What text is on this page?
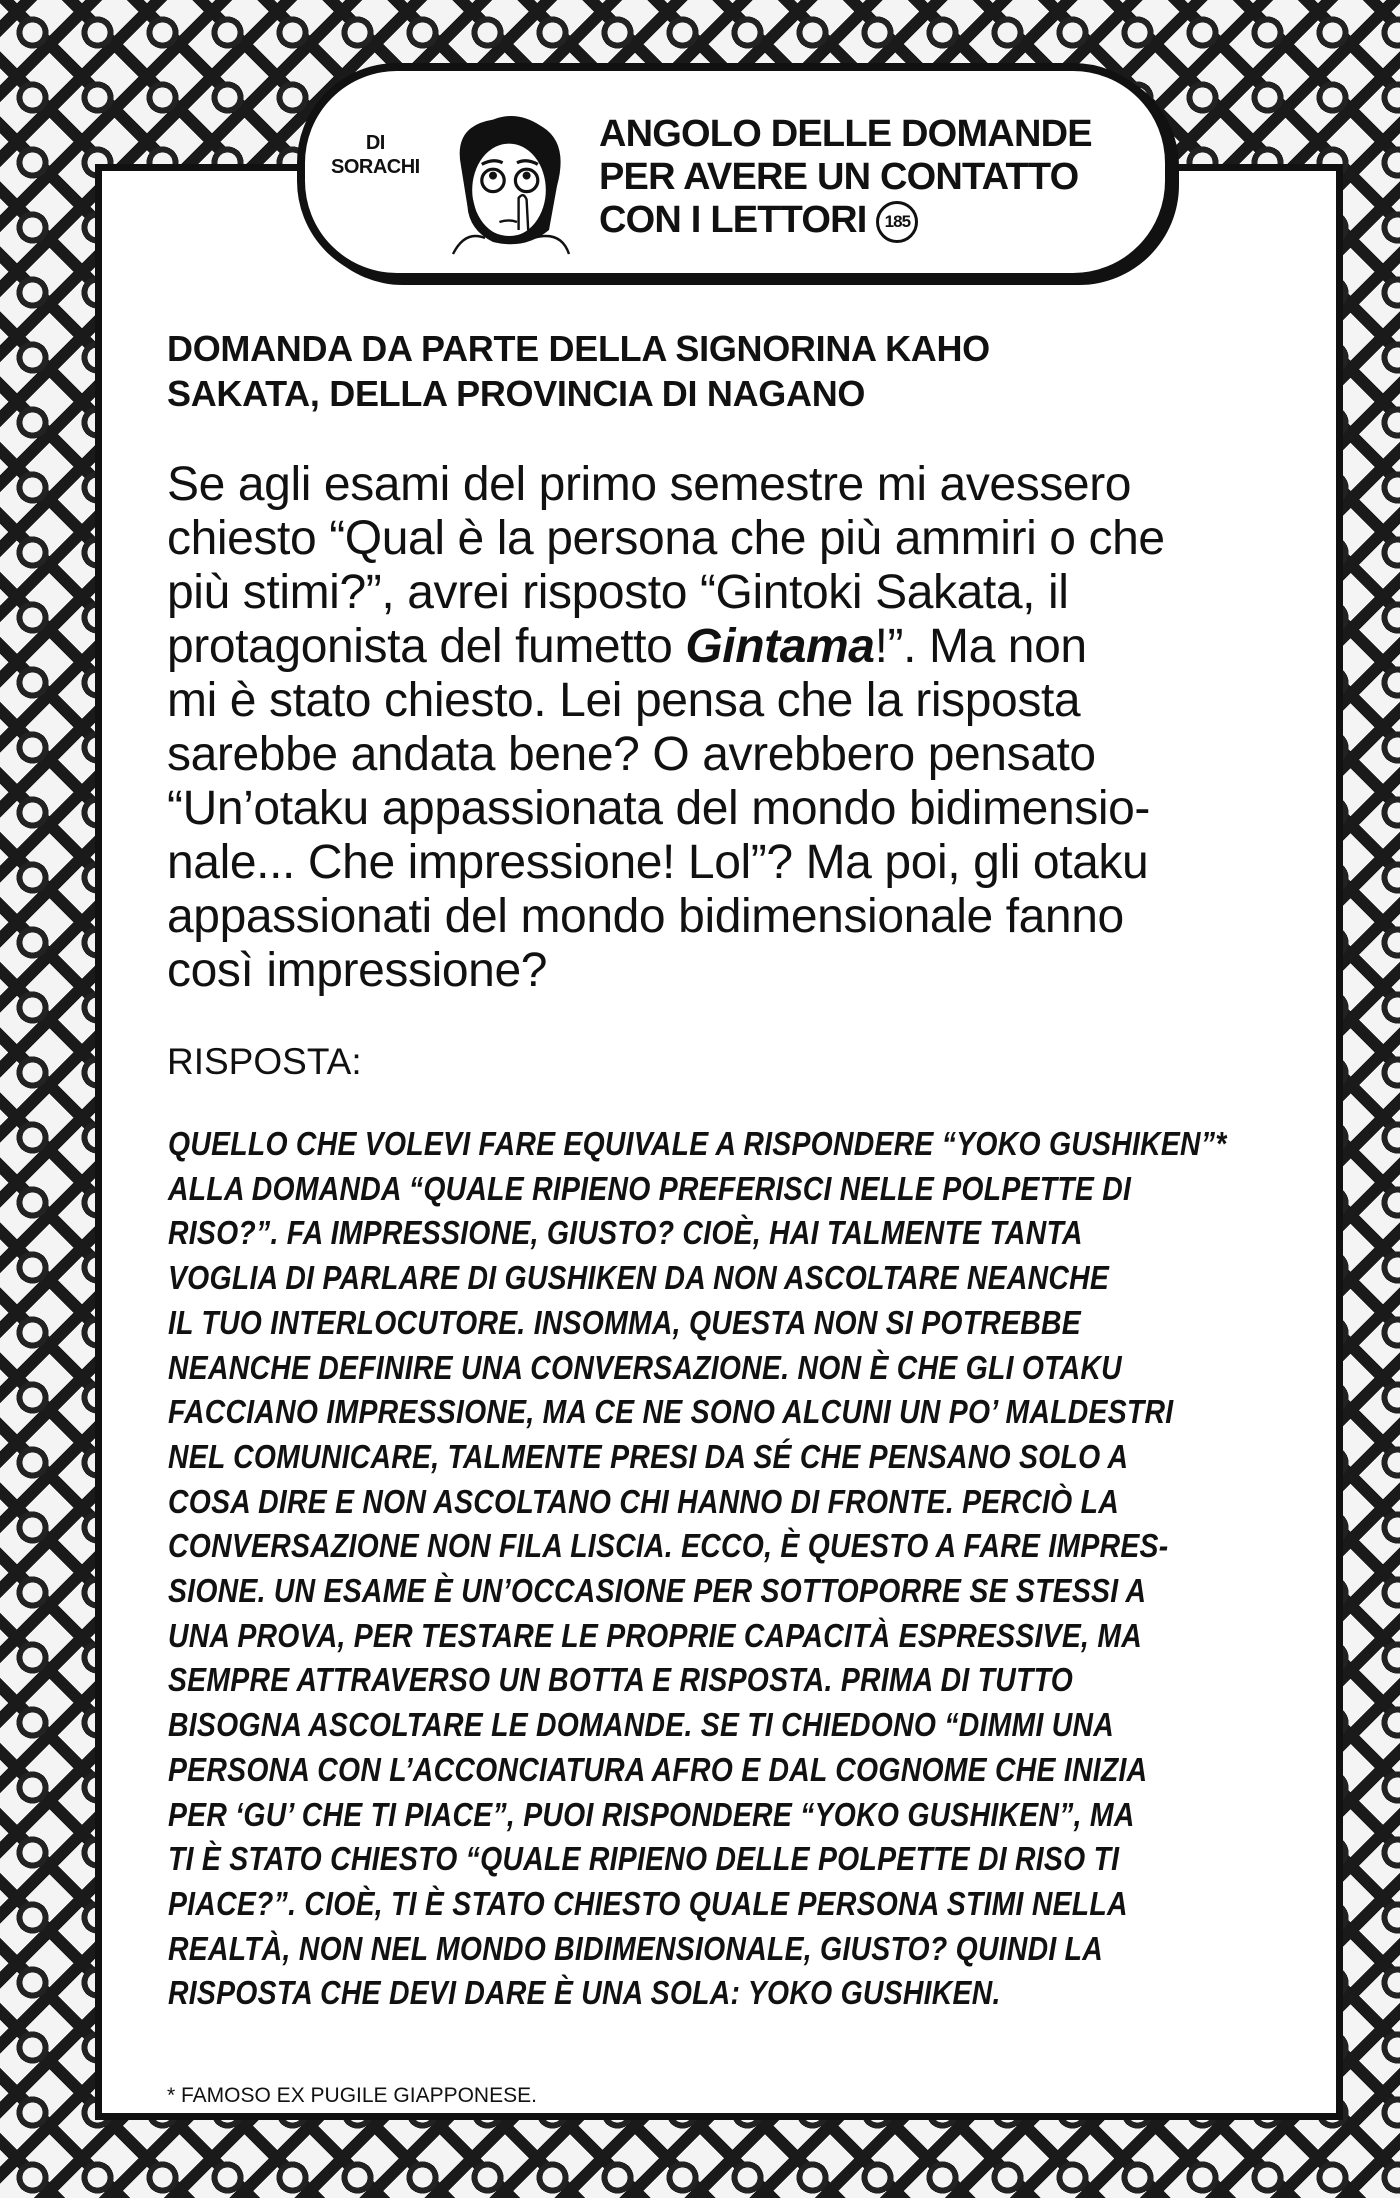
DI
SORACHI
ANGOLO DELLE DOMANDE
PER AVERE UN CONTATTO
CON I LETTORI 185
DOMANDA DA PARTE DELLA SIGNORINA KAHO
SAKATA, DELLA PROVINCIA DI NAGANO
Se agli esami del primo semestre mi avessero
chiesto “Qual è la persona che più ammiri o che
più stimi?”, avrei risposto “Gintoki Sakata, il
protagonista del fumetto Gintama!”. Ma non
mi è stato chiesto. Lei pensa che la risposta
sarebbe andata bene? O avrebbero pensato
“Un’otaku appassionata del mondo bidimensio-
nale... Che impressione! Lol”? Ma poi, gli otaku
appassionati del mondo bidimensionale fanno
così impressione?
RISPOSTA:
QUELLO CHE VOLEVI FARE EQUIVALE A RISPONDERE “YOKO GUSHIKEN”*
ALLA DOMANDA “QUALE RIPIENO PREFERISCI NELLE POLPETTE DI
RISO?”. FA IMPRESSIONE, GIUSTO? CIOÈ, HAI TALMENTE TANTA
VOGLIA DI PARLARE DI GUSHIKEN DA NON ASCOLTARE NEANCHE
IL TUO INTERLOCUTORE. INSOMMA, QUESTA NON SI POTREBBE
NEANCHE DEFINIRE UNA CONVERSAZIONE. NON È CHE GLI OTAKU
FACCIANO IMPRESSIONE, MA CE NE SONO ALCUNI UN PO’ MALDESTRI
NEL COMUNICARE, TALMENTE PRESI DA SÉ CHE PENSANO SOLO A
COSA DIRE E NON ASCOLTANO CHI HANNO DI FRONTE. PERCIÒ LA
CONVERSAZIONE NON FILA LISCIA. ECCO, È QUESTO A FARE IMPRES-
SIONE. UN ESAME È UN’OCCASIONE PER SOTTOPORRE SE STESSI A
UNA PROVA, PER TESTARE LE PROPRIE CAPACITÀ ESPRESSIVE, MA
SEMPRE ATTRAVERSO UN BOTTA E RISPOSTA. PRIMA DI TUTTO
BISOGNA ASCOLTARE LE DOMANDE. SE TI CHIEDONO “DIMMI UNA
PERSONA CON L’ACCONCIATURA AFRO E DAL COGNOME CHE INIZIA
PER ‘GU’ CHE TI PIACE”, PUOI RISPONDERE “YOKO GUSHIKEN”, MA
TI È STATO CHIESTO “QUALE RIPIENO DELLE POLPETTE DI RISO TI
PIACE?”. CIOÈ, TI È STATO CHIESTO QUALE PERSONA STIMI NELLA
REALTÀ, NON NEL MONDO BIDIMENSIONALE, GIUSTO? QUINDI LA
RISPOSTA CHE DEVI DARE È UNA SOLA: YOKO GUSHIKEN.
* FAMOSO EX PUGILE GIAPPONESE.
